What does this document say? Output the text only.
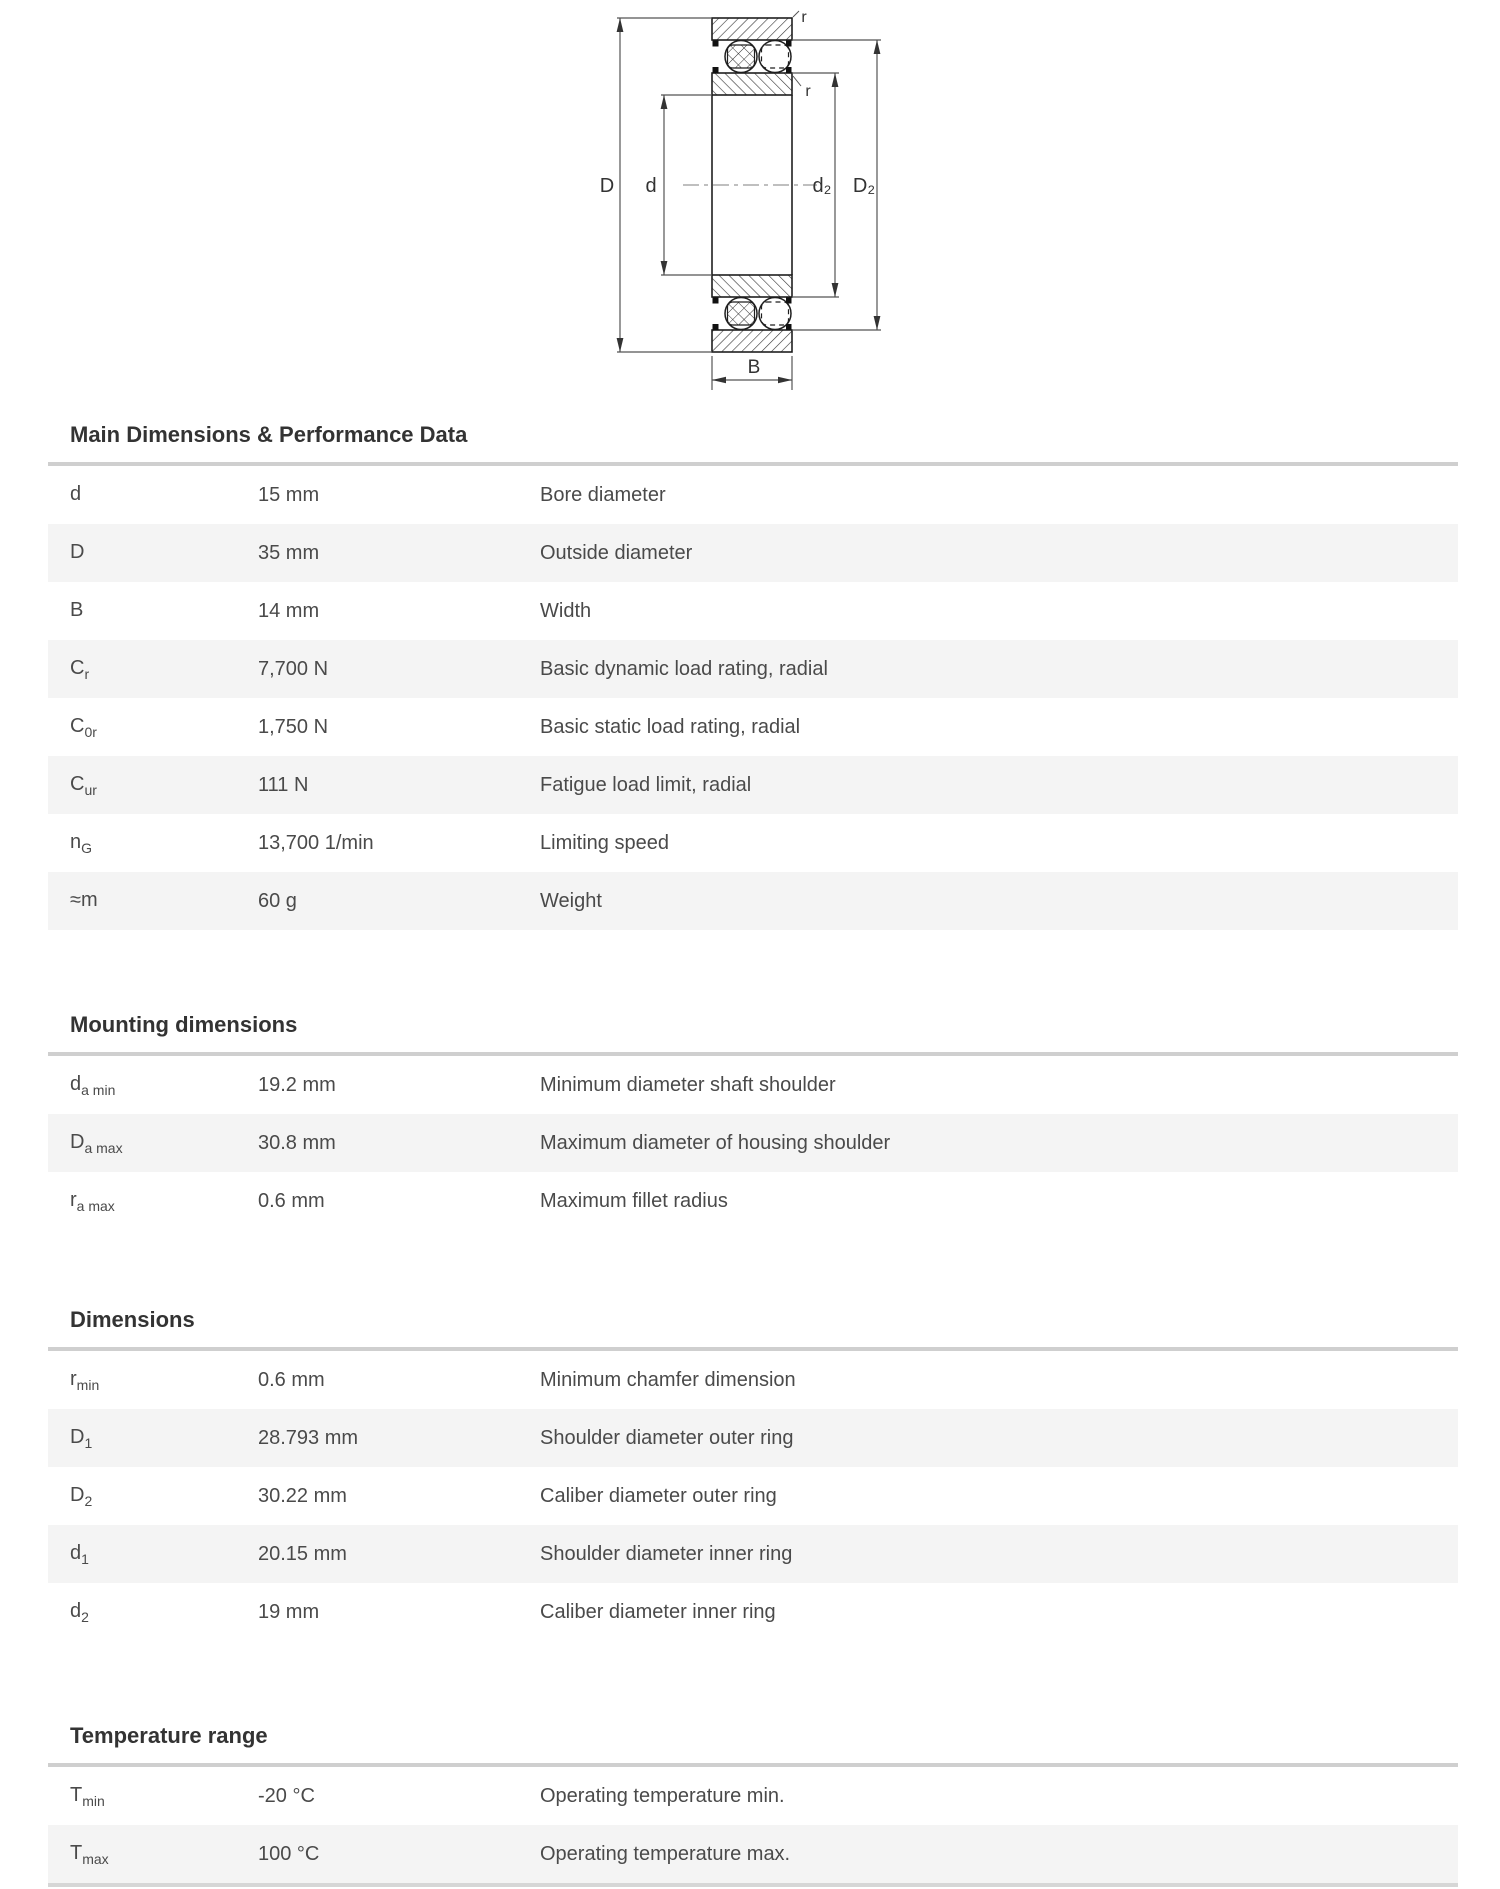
D d	d₂ D₂
B
r
r
Main Dimensions & Performance Data
d	15 mm	Bore diameter
D	35 mm	Outside diameter
B	14 mm	Width
$C_r$	7,700 N	Basic dynamic load rating, radial
$C_{0r}$	1,750 N	Basic static load rating, radial
$C_{ur}$	111 N	Fatigue load limit, radial
$n_G$	13,700 1/min	Limiting speed
≈m	60 g	Weight
Mounting dimensions
$d_{a min}$	19.2 mm	Minimum diameter shaft shoulder
$D_{a max}$	30.8 mm	Maximum diameter of housing shoulder
$r_{a max}$	0.6 mm	Maximum fillet radius
Dimensions
$r_{min}$	0.6 mm	Minimum chamfer dimension
$D_1$	28.793 mm	Shoulder diameter outer ring
$D_2$	30.22 mm	Caliber diameter outer ring
$d_1$	20.15 mm	Shoulder diameter inner ring
$d_2$	19 mm	Caliber diameter inner ring
Temperature range
$T_{min}$	-20 °C	Operating temperature min.
$T_{max}$	100 °C	Operating temperature max.
